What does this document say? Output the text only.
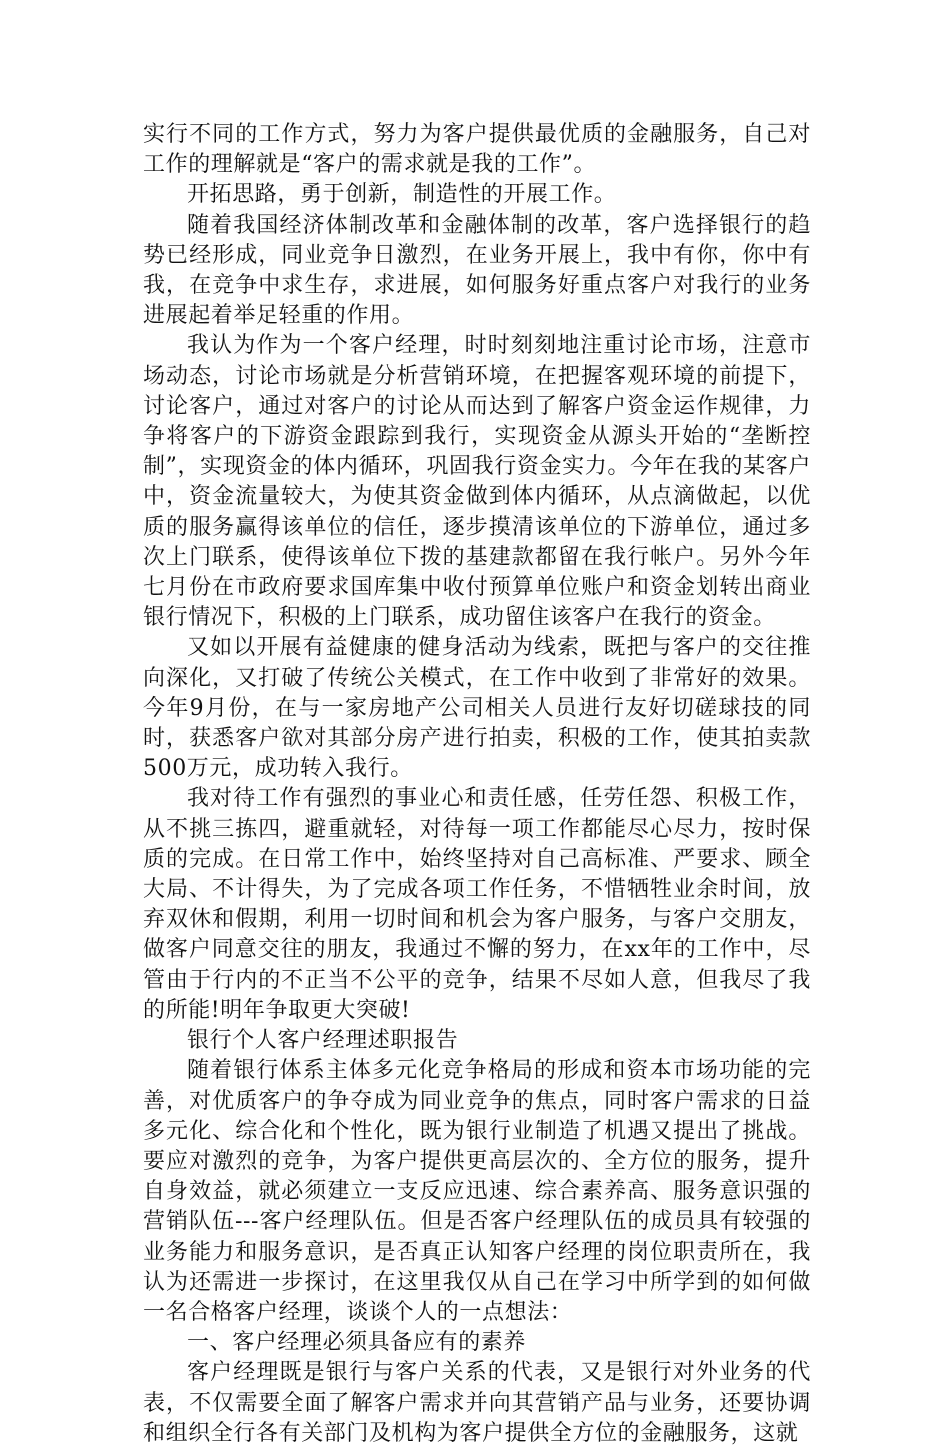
实行不同的工作方式，努力为客户提供最优质的金融服务，自己对工作的理解就是“客户的需求就是我的工作”。

开拓思路，勇于创新，制造性的开展工作。

随着我国经济体制改革和金融体制的改革，客户选择银行的趋势已经形成，同业竞争日激烈，在业务开展上，我中有你，你中有我，在竞争中求生存，求进展，如何服务好重点客户对我行的业务进展起着举足轻重的作用。

我认为作为一个客户经理，时时刻刻地注重讨论市场，注意市场动态，讨论市场就是分析营销环境，在把握客观环境的前提下，讨论客户，通过对客户的讨论从而达到了解客户资金运作规律，力争将客户的下游资金跟踪到我行，实现资金从源头开始的“垄断控制”，实现资金的体内循环，巩固我行资金实力。今年在我的某客户中，资金流量较大，为使其资金做到体内循环，从点滴做起，以优质的服务赢得该单位的信任，逐步摸清该单位的下游单位，通过多次上门联系，使得该单位下拨的基建款都留在我行帐户。另外今年七月份在市政府要求国库集中收付预算单位账户和资金划转出商业银行情况下，积极的上门联系，成功留住该客户在我行的资金。

又如以开展有益健康的健身活动为线索，既把与客户的交往推向深化，又打破了传统公关模式，在工作中收到了非常好的效果。今年9月份，在与一家房地产公司相关人员进行友好切磋球技的同时，获悉客户欲对其部分房产进行拍卖，积极的工作，使其拍卖款500万元，成功转入我行。

我对待工作有强烈的事业心和责任感，任劳任怨、积极工作，从不挑三拣四，避重就轻，对待每一项工作都能尽心尽力，按时保质的完成。在日常工作中，始终坚持对自己高标准、严要求、顾全大局、不计得失，为了完成各项工作任务，不惜牺牲业余时间，放弃双休和假期，利用一切时间和机会为客户服务，与客户交朋友，做客户同意交往的朋友，我通过不懈的努力，在xx年的工作中，尽管由于行内的不正当不公平的竞争，结果不尽如人意，但我尽了我的所能!明年争取更大突破!

银行个人客户经理述职报告

随着银行体系主体多元化竞争格局的形成和资本市场功能的完善，对优质客户的争夺成为同业竞争的焦点，同时客户需求的日益多元化、综合化和个性化，既为银行业制造了机遇又提出了挑战。要应对激烈的竞争，为客户提供更高层次的、全方位的服务，提升自身效益，就必须建立一支反应迅速、综合素养高、服务意识强的营销队伍---客户经理队伍。但是否客户经理队伍的成员具有较强的业务能力和服务意识，是否真正认知客户经理的岗位职责所在，我认为还需进一步探讨，在这里我仅从自己在学习中所学到的如何做一名合格客户经理，谈谈个人的一点想法：

一、客户经理必须具备应有的素养

客户经理既是银行与客户关系的代表，又是银行对外业务的代表，不仅需要全面了解客户需求并向其营销产品与业务，还要协调和组织全行各有关部门及机构为客户提供全方位的金融服务，这就
